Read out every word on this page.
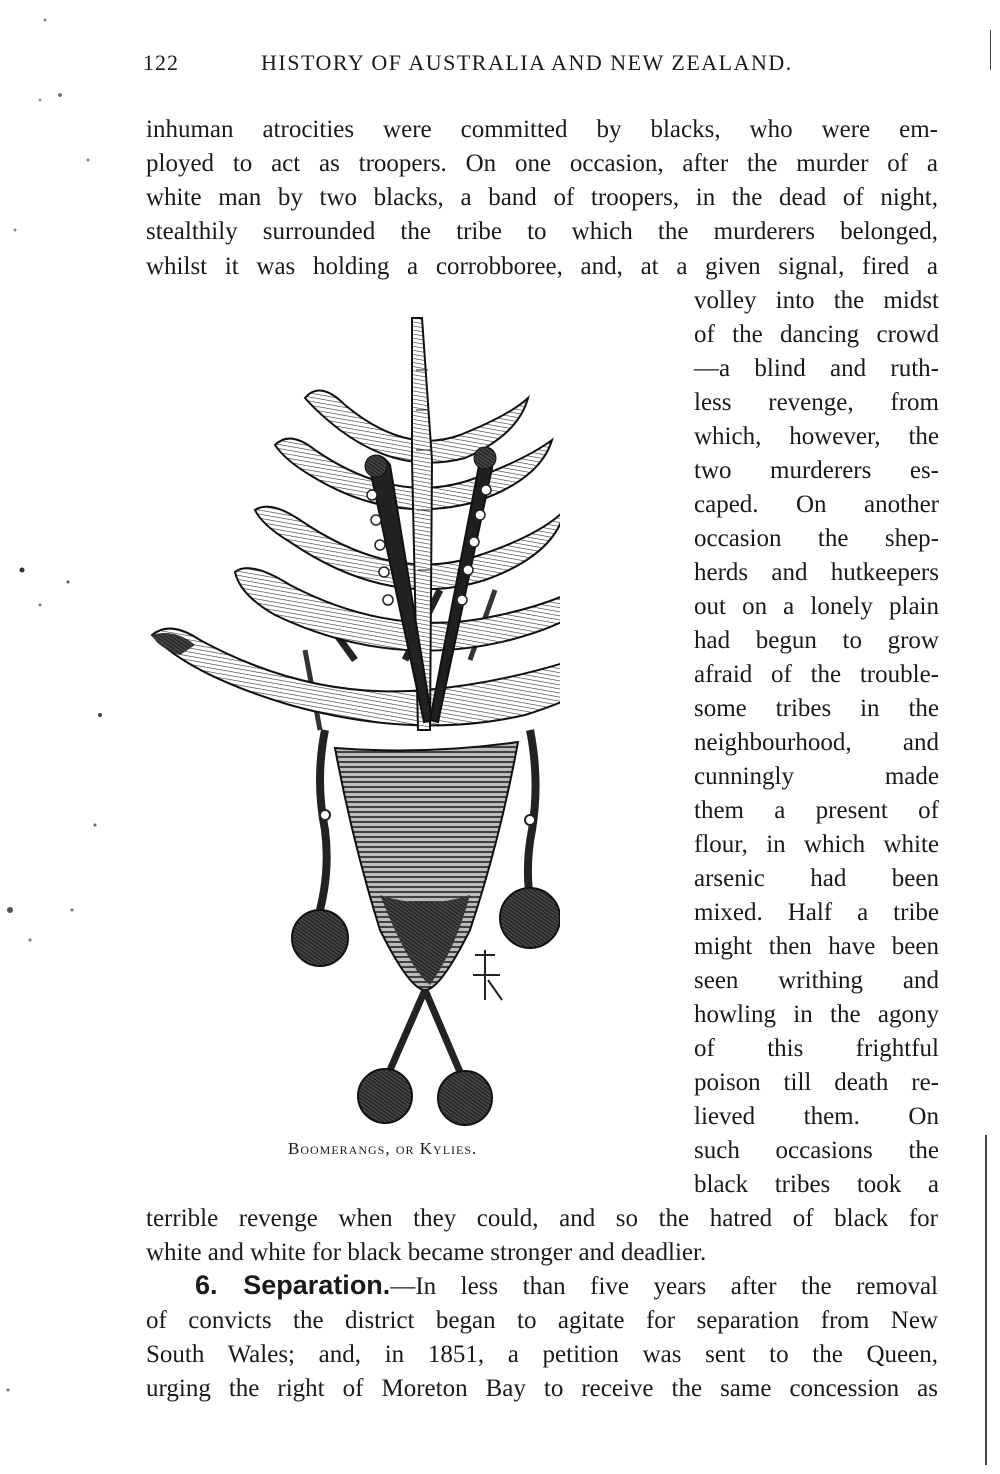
122	HISTORY OF AUSTRALIA AND NEW ZEALAND.
inhuman atrocities were committed by blacks, who were em-
ployed to act as troopers. On one occasion, after the murder of a
white man by two blacks, a band of troopers, in the dead of night,
stealthily surrounded the tribe to which the murderers belonged,
whilst it was holding a corrobboree, and, at a given signal, fired a
volley into the midst
of the dancing crowd
—a blind and ruth-
less revenge, from
which, however, the
two murderers es-
caped. On another
occasion the shep-
herds and hutkeepers
out on a lonely plain
had begun to grow
afraid of the trouble-
some tribes in the
neighbourhood, and
cunningly made
them a present of
flour, in which white
arsenic had been
mixed. Half a tribe
might then have been
seen writhing and
howling in the agony
of this frightful
poison till death re-
lieved them. On
such occasions the
black tribes took a
Boomerangs, or Kylies.
terrible revenge when they could, and so the hatred of black for
white and white for black became stronger and deadlier.
6. Separation.—In less than five years after the removal
of convicts the district began to agitate for separation from New
South Wales; and, in 1851, a petition was sent to the Queen,
urging the right of Moreton Bay to receive the same concession as
